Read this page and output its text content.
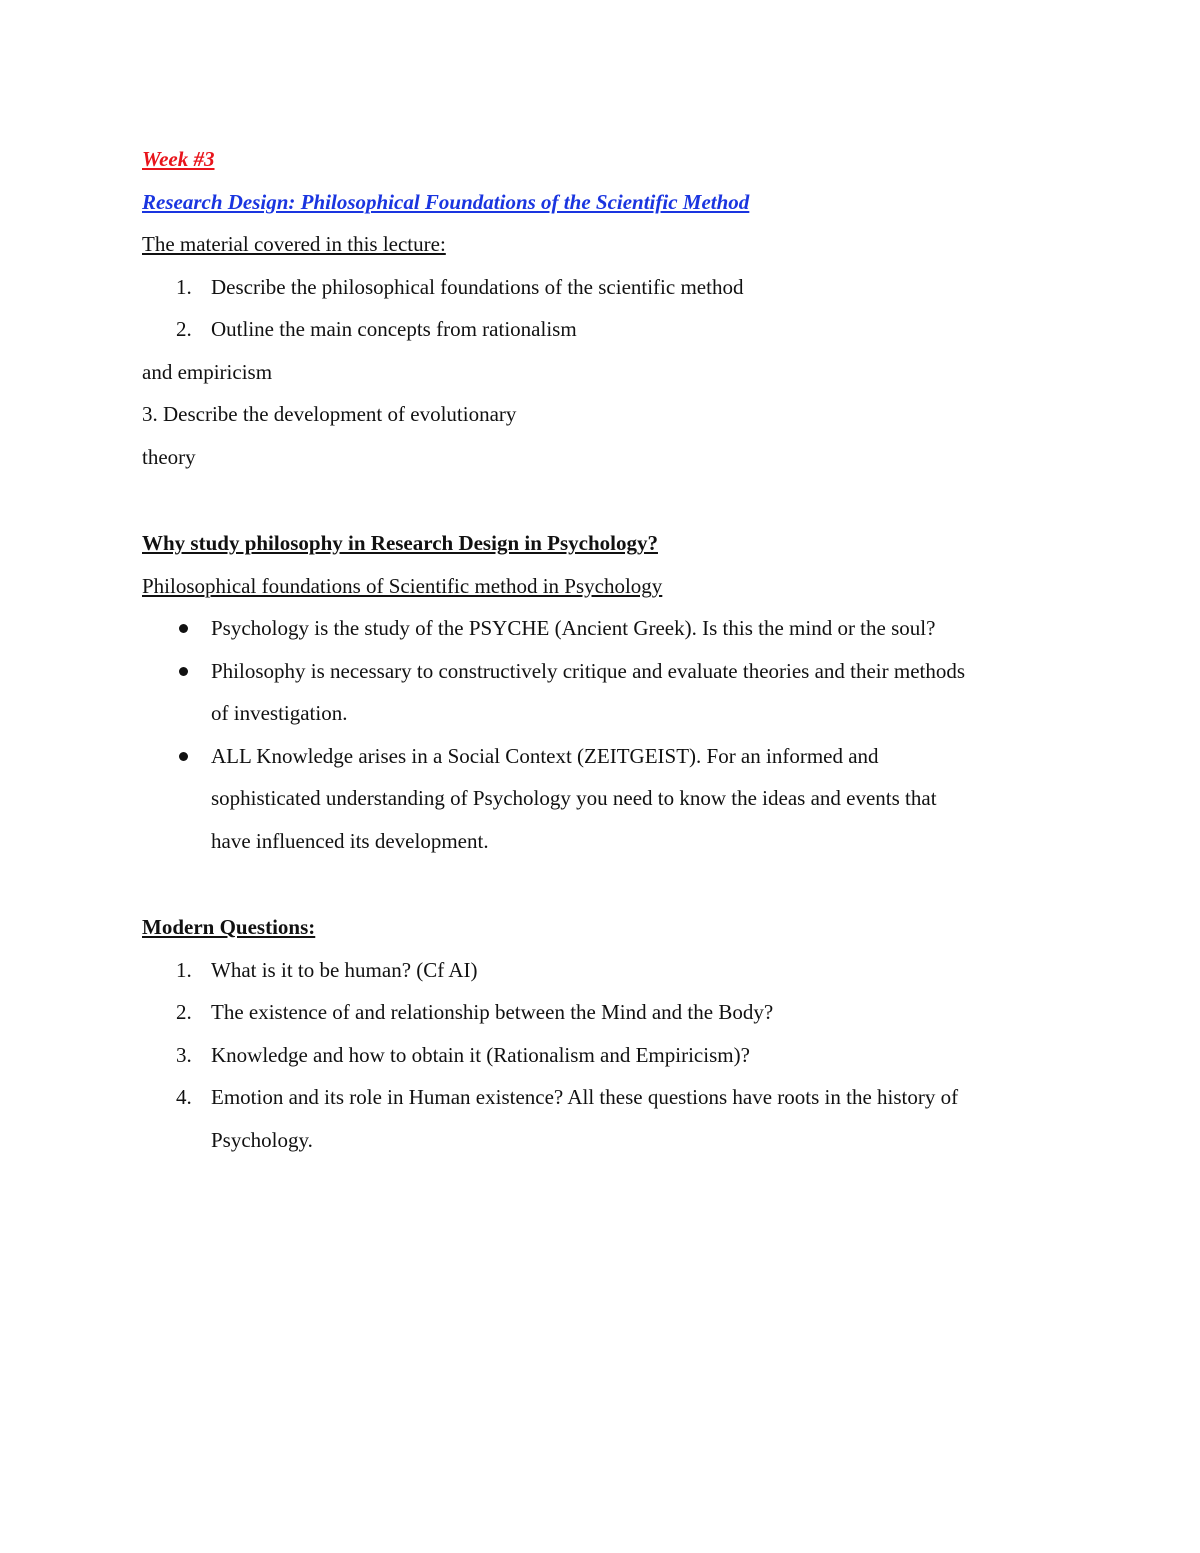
Week #3
Research Design: Philosophical Foundations of the Scientific Method
The material covered in this lecture:
1. Describe the philosophical foundations of the scientific method
2. Outline the main concepts from rationalism
and empiricism
3. Describe the development of evolutionary
theory
Why study philosophy in Research Design in Psychology?
Philosophical foundations of Scientific method in Psychology
Psychology is the study of the PSYCHE (Ancient Greek). Is this the mind or the soul?
Philosophy is necessary to constructively critique and evaluate theories and their methods
of investigation.
ALL Knowledge arises in a Social Context (ZEITGEIST). For an informed and
sophisticated understanding of Psychology you need to know the ideas and events that
have influenced its development.
Modern Questions:
1. What is it to be human? (Cf AI)
2. The existence of and relationship between the Mind and the Body?
3. Knowledge and how to obtain it (Rationalism and Empiricism)?
4. Emotion and its role in Human existence? All these questions have roots in the history of
Psychology.
